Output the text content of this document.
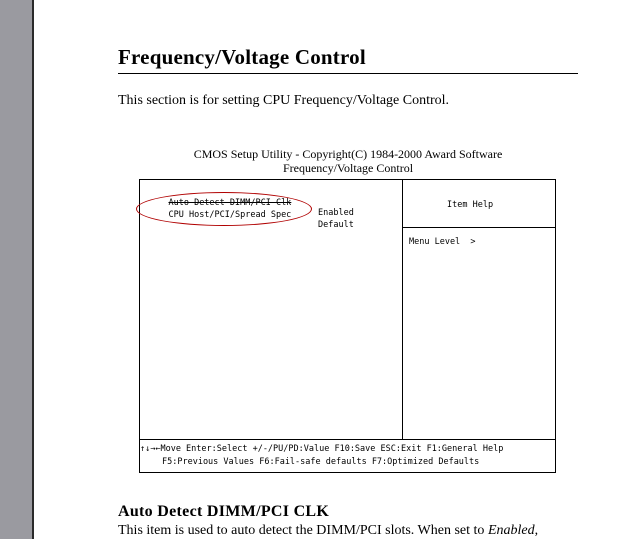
Frequency/Voltage Control
This section is for setting CPU Frequency/Voltage Control.
CMOS Setup Utility - Copyright(C) 1984-2000 Award Software
Frequency/Voltage Control

Auto Detect DIMM/PCI Clk

Enabled

CPU Host/PCI/Spread Spec

Default

Item Help
Menu Level  >
↑↓→←Move Enter:Select +/-/PU/PD:Value F10:Save ESC:Exit F1:General Help
F5:Previous Values F6:Fail-safe defaults F7:Optimized Defaults
Auto Detect DIMM/PCI CLK
This item is used to auto detect the DIMM/PCI slots. When set to Enabled,
